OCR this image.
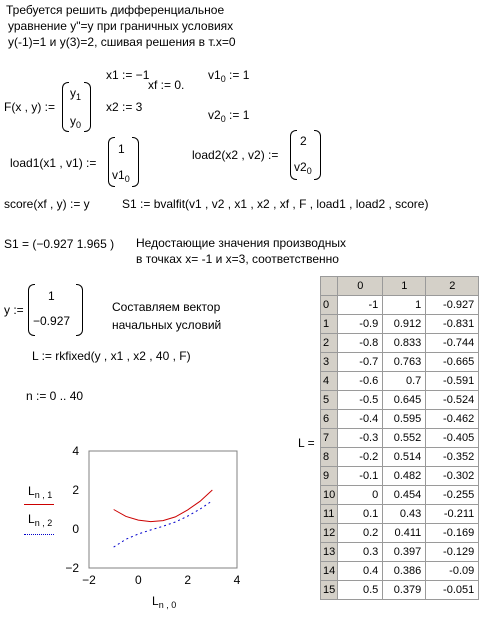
Требуется решить дифференциальное
уравнение y"=y при граничных условиях
y(-1)=1 и y(3)=2, сшивая решения в т.x=0
x1 := −1
xf := 0.
$v1_0$ := 1
x2 := 3
$v2_0$ := 1
F(x , y) :=
$y_1$
$y_0$
load1(x1 , v1) :=
1
$v1_0$
load2(x2 , v2) :=
2
$v2_0$
score(xf , y) := y	S1 := bvalfit(v1 , v2 , x1 , x2 , xf , F , load1 , load2 , score)
S1 = (−0.927 1.965 ) Недостающие значения производных
в точках x= -1 и x=3, соответственно
y :=
1
−0.927
Составляем вектор
начальных условий
L := rkfixed(y , x1 , x2 , 40 , F)
n := 0 .. 40
−2	0	2	4
4
2
0
−2
$L_{n , 1}$
$L_{n , 2}$
$L_{n , 0}$
L =
	0	1	2
0	-1	1	-0.927
1	-0.9	0.912	-0.831
2	-0.8	0.833	-0.744
3	-0.7	0.763	-0.665
4	-0.6	0.7	-0.591
5	-0.5	0.645	-0.524
6	-0.4	0.595	-0.462
7	-0.3	0.552	-0.405
8	-0.2	0.514	-0.352
9	-0.1	0.482	-0.302
10	0	0.454	-0.255
11	0.1	0.43	-0.211
12	0.2	0.411	-0.169
13	0.3	0.397	-0.129
14	0.4	0.386	-0.09
15	0.5	0.379	-0.051
